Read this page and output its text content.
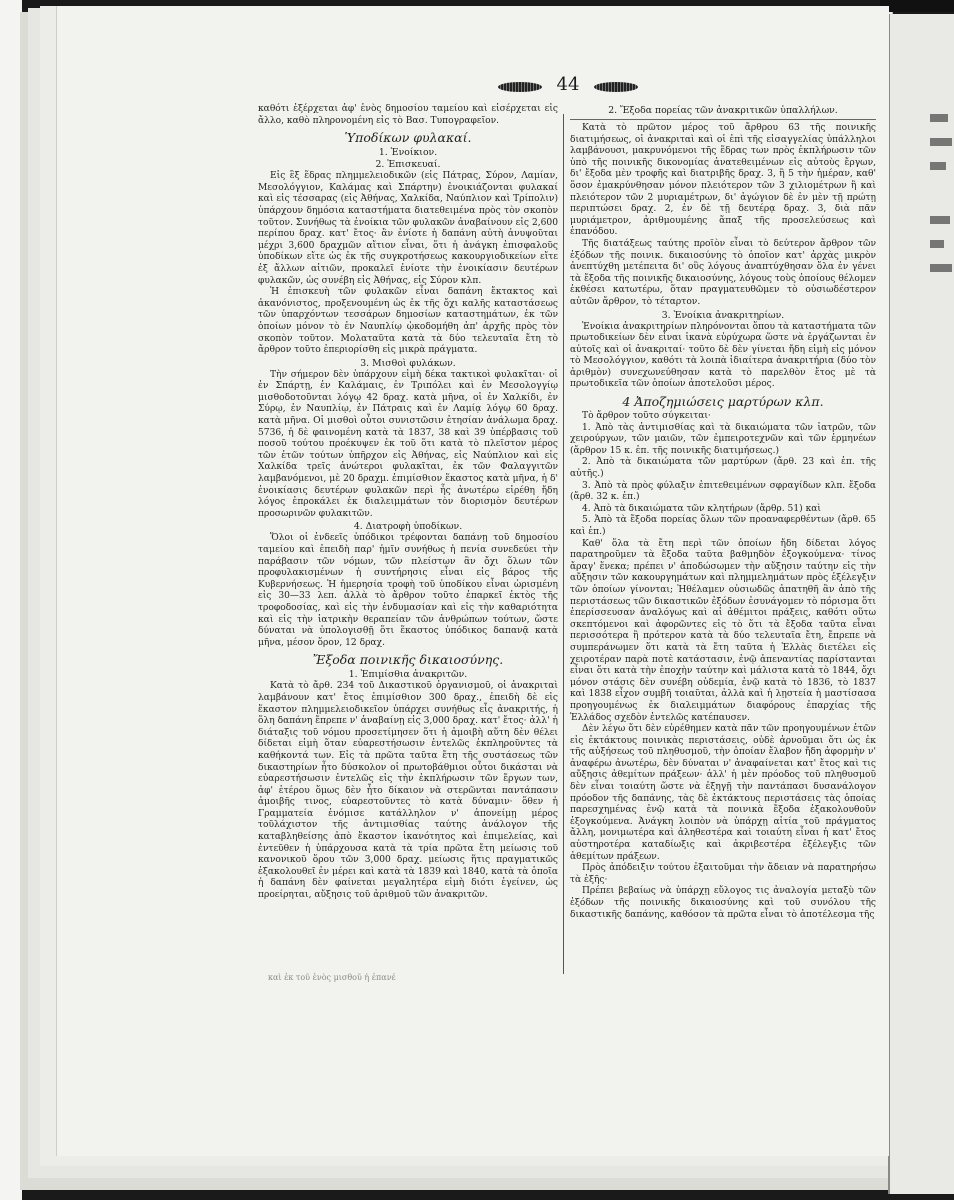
44

καθότι ἐξέρχεται ἀφ' ἑνὸς δημοσίου ταμείου καὶ εἰσέρχεται εἰς ἄλλο, καθὸ πληρονομένη εἰς τὸ Βασ. Τυπογραφεῖον.

Ὑποδίκων φυλακαί.
1. Ἐνοίκιον.
2. Ἐπισκευαί.

Εἰς ἓξ ἕδρας πλημμελειοδικῶν (εἰς Πάτρας, Σύρον, Λαμίαν, Μεσολόγγιον, Καλάμας καὶ Σπάρτην) ἐνοικιάζονται φυλακαί καὶ εἰς τέσσαρας (εἰς Ἀθήνας, Χαλκίδα, Ναύπλιον καὶ Τρίπολιν) ὑπάρχουν δημόσια καταστήματα διατεθειμένα πρὸς τὸν σκοπὸν τοῦτον. Συνήθως τὰ ἐνοίκια τῶν φυλακῶν ἀναβαίνουν εἰς 2,600 περίπου δραχ. κατ' ἔτος· ἂν ἐνίοτε ἡ δαπάνη αὐτὴ ἀνυψοῦται μέχρι 3,600 δραχμῶν αἴτιον εἶναι, ὅτι ἡ ἀνάγκη ἐπισφαλοῦς ὑποδίκων εἴτε ὡς ἐκ τῆς συγκροτήσεως κακουργιοδικείων εἴτε ἐξ ἄλλων αἰτιῶν, προκαλεῖ ἐνίοτε τὴν ἐνοικίασιν δευτέρων φυλακῶν, ὡς συνέβη εἰς Ἀθήνας, εἰς Σύρον κλπ.

Ἡ ἐπισκευὴ τῶν φυλακῶν εἶναι δαπάνη ἔκτακτος καὶ ἀκανόνιστος, προξενουμένη ὡς ἐκ τῆς ὄχι καλῆς καταστάσεως τῶν ὑπαρχόντων τεσσάρων δημοσίων καταστημάτων, ἐκ τῶν ὁποίων μόνον τὸ ἐν Ναυπλίῳ ᾠκοδομήθη ἀπ' ἀρχῆς πρὸς τὸν σκοπὸν τοῦτον. Μολαταῦτα κατὰ τὰ δύο τελευταῖα ἔτη τὸ ἄρθρον τοῦτο ἐπεριορίσθη εἰς μικρὰ πράγματα.

3. Μισθοὶ φυλάκων.

Τὴν σήμερον δὲν ὑπάρχουν εἰμὴ δέκα τακτικοὶ φυλακῖται· οἱ ἐν Σπάρτῃ, ἐν Καλάμαις, ἐν Τριπόλει καὶ ἐν Μεσολογγίῳ μισθοδοτοῦνται λόγῳ 42 δραχ. κατὰ μῆνα, οἱ ἐν Χαλκίδι, ἐν Σύρῳ, ἐν Ναυπλίῳ, ἐν Πάτραις καὶ ἐν Λαμίᾳ λόγῳ 60 δραχ. κατὰ μῆνα. Οἱ μισθοὶ οὗτοι συνιστῶσιν ἐτησίαν ἀνάλωμα δραχ. 5736, ἡ δὲ φαινομένη κατὰ τὰ 1837, 38 καὶ 39 ὑπέρβασις τοῦ ποσοῦ τούτου προέκυψεν ἐκ τοῦ ὅτι κατὰ τὸ πλεῖστον μέρος τῶν ἐτῶν τούτων ὑπῆρχον εἰς Ἀθήνας, εἰς Ναύπλιον καὶ εἰς Χαλκίδα τρεῖς ἀνώτεροι φυλακῖται, ἐκ τῶν Φαλαγγιτῶν λαμβανόμενοι, μὲ 20 δραχμ. ἐπιμίσθιον ἕκαστος κατὰ μῆνα, ἡ δ' ἐνοικίασις δευτέρων φυλακῶν περὶ ἧς ἀνωτέρω εἰρέθη ἤδη λόγος ἐπροκάλει ἐκ διαλειμμάτων τὸν διορισμὸν δευτέρων προσωρινῶν φυλακιτῶν.

4. Διατροφὴ ὑποδίκων.

Ὅλοι οἱ ἐνδεεῖς ὑπόδικοι τρέφονται δαπάνῃ τοῦ δημοσίου ταμείου καὶ ἐπειδὴ παρ' ἡμῖν συνήθως ἡ πενία συνεδεύει τὴν παράβασιν τῶν νόμων, τῶν πλείστων ἂν ὄχι ὅλων τῶν προφυλακισμένων ἡ συντήρησις εἶναι εἰς βάρος τῆς Κυβερνήσεως. Ἡ ἡμερησία τροφὴ τοῦ ὑποδίκου εἶναι ὡρισμένη εἰς 30—33 λεπ. ἀλλὰ τὸ ἄρθρον τοῦτο ἐπαρκεῖ ἐκτὸς τῆς τροφοδοσίας, καὶ εἰς τὴν ἐνδυμασίαν καὶ εἰς τὴν καθαριότητα καὶ εἰς τὴν ἰατρικὴν θεραπείαν τῶν ἀνθρώπων τούτων, ὥστε δύναται νὰ ὑπολογισθῇ ὅτι ἕκαστος ὑπόδικος δαπανᾷ κατὰ μῆνα, μέσον ὅρον, 12 δραχ.

Ἔξοδα ποινικῆς δικαιοσύνης.
1. Ἐπιμίσθια ἀνακριτῶν.

Κατὰ τὸ ἄρθ. 234 τοῦ Δικαστικοῦ ὀργανισμοῦ, οἱ ἀνακριταὶ λαμβάνουν κατ' ἔτος ἐπιμίσθιον 300 δραχ., ἐπειδὴ δὲ εἰς ἕκαστον πλημμελειοδικεῖον ὑπάρχει συνήθως εἷς ἀνακριτής, ἡ ὅλη δαπάνη ἔπρεπε ν' ἀναβαίνῃ εἰς 3,000 δραχ. κατ' ἔτος· ἀλλ' ἡ διάταξις τοῦ νόμου προσετίμησεν ὅτι ἡ ἀμοιβὴ αὕτη δὲν θέλει δίδεται εἰμὴ ὅταν εὐαρεστήσωσιν ἐντελῶς ἐκπληροῦντες τὰ καθήκοντά των. Εἰς τὰ πρῶτα ταῦτα ἔτη τῆς συστάσεως τῶν δικαστηρίων ἦτο δύσκολον οἱ πρωτοβάθμιοι οὗτοι δικάσται νὰ εὐαρεστήσωσιν ἐντελῶς εἰς τὴν ἐκπλήρωσιν τῶν ἔργων των, ἀφ' ἑτέρου ὅμως δὲν ἦτο δίκαιον νὰ στερῶνται παντάπασιν ἀμοιβῆς τινος, εὐαρεστοῦντες τὸ κατὰ δύναμιν· ὅθεν ἡ Γραμματεία ἐνόμισε κατάλληλον ν' ἀπονείμῃ μέρος τοῦλάχιστον τῆς ἀντιμισθίας ταύτης ἀνάλογον τῆς καταβληθείσης ἀπὸ ἕκαστον ἱκανότητος καὶ ἐπιμελείας, καὶ ἐντεῦθεν ἡ ὑπάρχουσα κατὰ τὰ τρία πρῶτα ἔτη μείωσις τοῦ κανονικοῦ ὅρου τῶν 3,000 δραχ. μείωσις ἥτις πραγματικῶς ἐξακολουθεῖ ἐν μέρει καὶ κατὰ τὰ 1839 καὶ 1840, κατὰ τὰ ὁποῖα ἡ δαπάνη δὲν φαίνεται μεγαλητέρα εἰμὴ διότι ἐγείνεν, ὡς προείρηται, αὔξησις τοῦ ἀριθμοῦ τῶν ἀνακριτῶν.

καὶ ἐκ τοῦ ἑνὸς μισθοῦ ἡ ἐπανέ
2. Ἔξοδα πορείας τῶν ἀνακριτικῶν ὑπαλλήλων.

Κατὰ τὸ πρῶτον μέρος τοῦ ἄρθρου 63 τῆς ποινικῆς διατιμήσεως, οἱ ἀνακριταὶ καὶ οἱ ἐπὶ τῆς εἰσαγγελίας ὑπάλληλοι λαμβάνουσι, μακρυνόμενοι τῆς ἕδρας των πρὸς ἐκπλήρωσιν τῶν ὑπὸ τῆς ποινικῆς δικονομίας ἀνατεθειμένων εἰς αὐτοὺς ἔργων, δι' ἔξοδα μὲν τροφῆς καὶ διατριβῆς δραχ. 3, ἢ 5 τὴν ἡμέραν, καθ' ὅσον ἐμακρύνθησαν μόνον πλειότερον τῶν 3 χιλιομέτρων ἢ καὶ πλειότερον τῶν 2 μυριαμέτρων, δι' ἀγώγιον δὲ ἐν μὲν τῇ πρώτῃ περιπτώσει δραχ. 2, ἐν δὲ τῇ δευτέρᾳ δραχ. 3, διὰ πᾶν μυριάμετρον, ἀριθμουμένης ἅπαξ τῆς προσελεύσεως καὶ ἐπανόδου.

Τῆς διατάξεως ταύτης προϊὸν εἶναι τὸ δεύτερον ἄρθρον τῶν ἐξόδων τῆς ποινικ. δικαιοσύνης τὸ ὁποῖον κατ' ἀρχὰς μικρὸν ἀνεπτύχθη μετέπειτα δι' οὓς λόγους ἀναπτύχθησαν ὅλα ἐν γένει τὰ ἔξοδα τῆς ποινικῆς δικαιοσύνης, λόγους τοὺς ὁποίους θέλομεν ἐκθέσει κατωτέρω, ὅταν πραγματευθῶμεν τὸ οὐσιωδέστερον αὐτῶν ἄρθρον, τὸ τέταρτον.

3. Ἐνοίκια ἀνακριτηρίων.

Ἐνοίκια ἀνακριτηρίων πληρόνονται ὅπου τὰ καταστήματα τῶν πρωτοδικείων δὲν εἶναι ἱκανὰ εὐρύχωρα ὥστε νὰ ἐργάζωνται ἐν αὐτοῖς καὶ οἱ ἀνακριταί· τοῦτο δὲ δὲν γίνεται ἤδη εἰμὴ εἰς μόνον τὸ Μεσολόγγιον, καθότι τὰ λοιπὰ ἰδιαίτερα ἀνακριτήρια (δύο τὸν ἀριθμὸν) συνεχωνεύθησαν κατὰ τὸ παρελθὸν ἔτος μὲ τὰ πρωτοδικεῖα τῶν ὁποίων ἀποτελοῦσι μέρος.

4 Ἀποζημιώσεις μαρτύρων κλπ.

Τὸ ἄρθρον τοῦτο σύγκειται·

1. Ἀπὸ τὰς ἀντιμισθίας καὶ τὰ δικαιώματα τῶν ἰατρῶν, τῶν χειρούργων, τῶν μαιῶν, τῶν ἐμπειροτεχνῶν καὶ τῶν ἑρμηνέων (ἄρθρον 15 κ. ἑπ. τῆς ποινικῆς διατιμήσεως.)

2. Ἀπὸ τὰ δικαιώματα τῶν μαρτύρων (ἄρθ. 23 καὶ ἑπ. τῆς αὐτῆς.)

3. Ἀπὸ τὰ πρὸς φύλαξιν ἐπιτεθειμένων σφραγίδων κλπ. ἔξοδα (ἄρθ. 32 κ. ἑπ.)

4. Ἀπὸ τὰ δικαιώματα τῶν κλητήρων (ἄρθρ. 51) καὶ

5. Ἀπὸ τὰ ἔξοδα πορείας ὅλων τῶν προαναφερθέντων (ἄρθ. 65 καὶ ἑπ.)

Καθ' ὅλα τὰ ἔτη περὶ τῶν ὁποίων ἤδη δίδεται λόγος παρατηροῦμεν τὰ ἔξοδα ταῦτα βαθμηδὸν ἐξογκούμενα· τίνος ἄραγ' ἕνεκα; πρέπει ν' ἀποδώσωμεν τὴν αὔξησιν ταύτην εἰς τὴν αὔξησιν τῶν κακουργημάτων καὶ πλημμελημάτων πρὸς ἐξέλεγξιν τῶν ὁποίων γίνονται; Ἠθέλαμεν οὐσιωδῶς ἀπατηθῆ ἂν ἀπὸ τῆς περιστάσεως τῶν δικαστικῶν ἐξόδων ἐσυνάγομεν τὸ πόρισμα ὅτι ἐπερίσσευσαν ἀναλόγως καὶ αἱ ἀθέμιτοι πράξεις, καθότι οὕτω σκεπτόμενοι καὶ ἀφορῶντες εἰς τὸ ὅτι τὰ ἔξοδα ταῦτα εἶναι περισσότερα ἢ πρότερον κατὰ τὰ δύο τελευταῖα ἔτη, ἔπρεπε νὰ συμπεράνωμεν ὅτι κατὰ τὰ ἔτη ταῦτα ἡ Ἑλλὰς διετέλει εἰς χειροτέραν παρὰ ποτὲ κατάστασιν, ἐνῷ ἀπεναντίας παρίστανται εἶναι ὅτι κατὰ τὴν ἐποχὴν ταύτην καὶ μάλιστα κατὰ τὸ 1844, ὄχι μόνον στάσις δὲν συνέβη οὐδεμία, ἐνῷ κατὰ τὸ 1836, τὸ 1837 καὶ 1838 εἶχον συμβῆ τοιαῦται, ἀλλὰ καὶ ἡ λῃστεία ἡ μαστίσασα προηγουμένως ἐκ διαλειμμάτων διαφόρους ἐπαρχίας τῆς Ἑλλάδος σχεδὸν ἐντελῶς κατέπαυσεν.

Δὲν λέγω ὅτι δὲν εὑρέθημεν κατὰ πᾶν τῶν προηγουμένων ἐτῶν εἰς ἐκτάκτους ποινικὰς περιστάσεις, οὐδὲ ἀρνοῦμαι ὅτι ὡς ἐκ τῆς αὐξήσεως τοῦ πληθυσμοῦ, τὴν ὁποίαν ἔλαβον ἤδη ἀφορμὴν ν' ἀναφέρω ἀνωτέρω, δὲν δύναται ν' ἀναφαίνεται κατ' ἔτος καὶ τις αὔξησις ἀθεμίτων πράξεων· ἀλλ' ἡ μὲν πρόοδος τοῦ πληθυσμοῦ δὲν εἶναι τοιαύτη ὥστε νὰ ἐξηγῇ τὴν παντάπασι δυσανάλογον πρόοδον τῆς δαπάνης, τὰς δὲ ἐκτάκτους περιστάσεις τὰς ὁποίας παρεσχημένας ἐνῷ κατὰ τὰ ποινικὰ ἔξοδα ἐξακολουθοῦν ἐξογκούμενα. Ἀνάγκη λοιπὸν νὰ ὑπάρχῃ αἰτία τοῦ πράγματος ἄλλη, μονιμωτέρα καὶ ἀληθεστέρα καὶ τοιαύτη εἶναι ἡ κατ' ἔτος αὐστηροτέρα καταδίωξις καὶ ἀκριβεστέρα ἐξέλεγξις τῶν ἀθεμίτων πράξεων.

Πρὸς ἀπόδειξιν τούτου ἐξαιτοῦμαι τὴν ἄδειαν νὰ παρατηρήσω τὰ ἑξῆς·

Πρέπει βεβαίως νὰ ὑπάρχῃ εὔλογος τις ἀναλογία μεταξὺ τῶν ἐξόδων τῆς ποινικῆς δικαιοσύνης καὶ τοῦ συνόλου τῆς δικαστικῆς δαπάνης, καθόσον τὰ πρῶτα εἶναι τὸ ἀποτέλεσμα τῆς
